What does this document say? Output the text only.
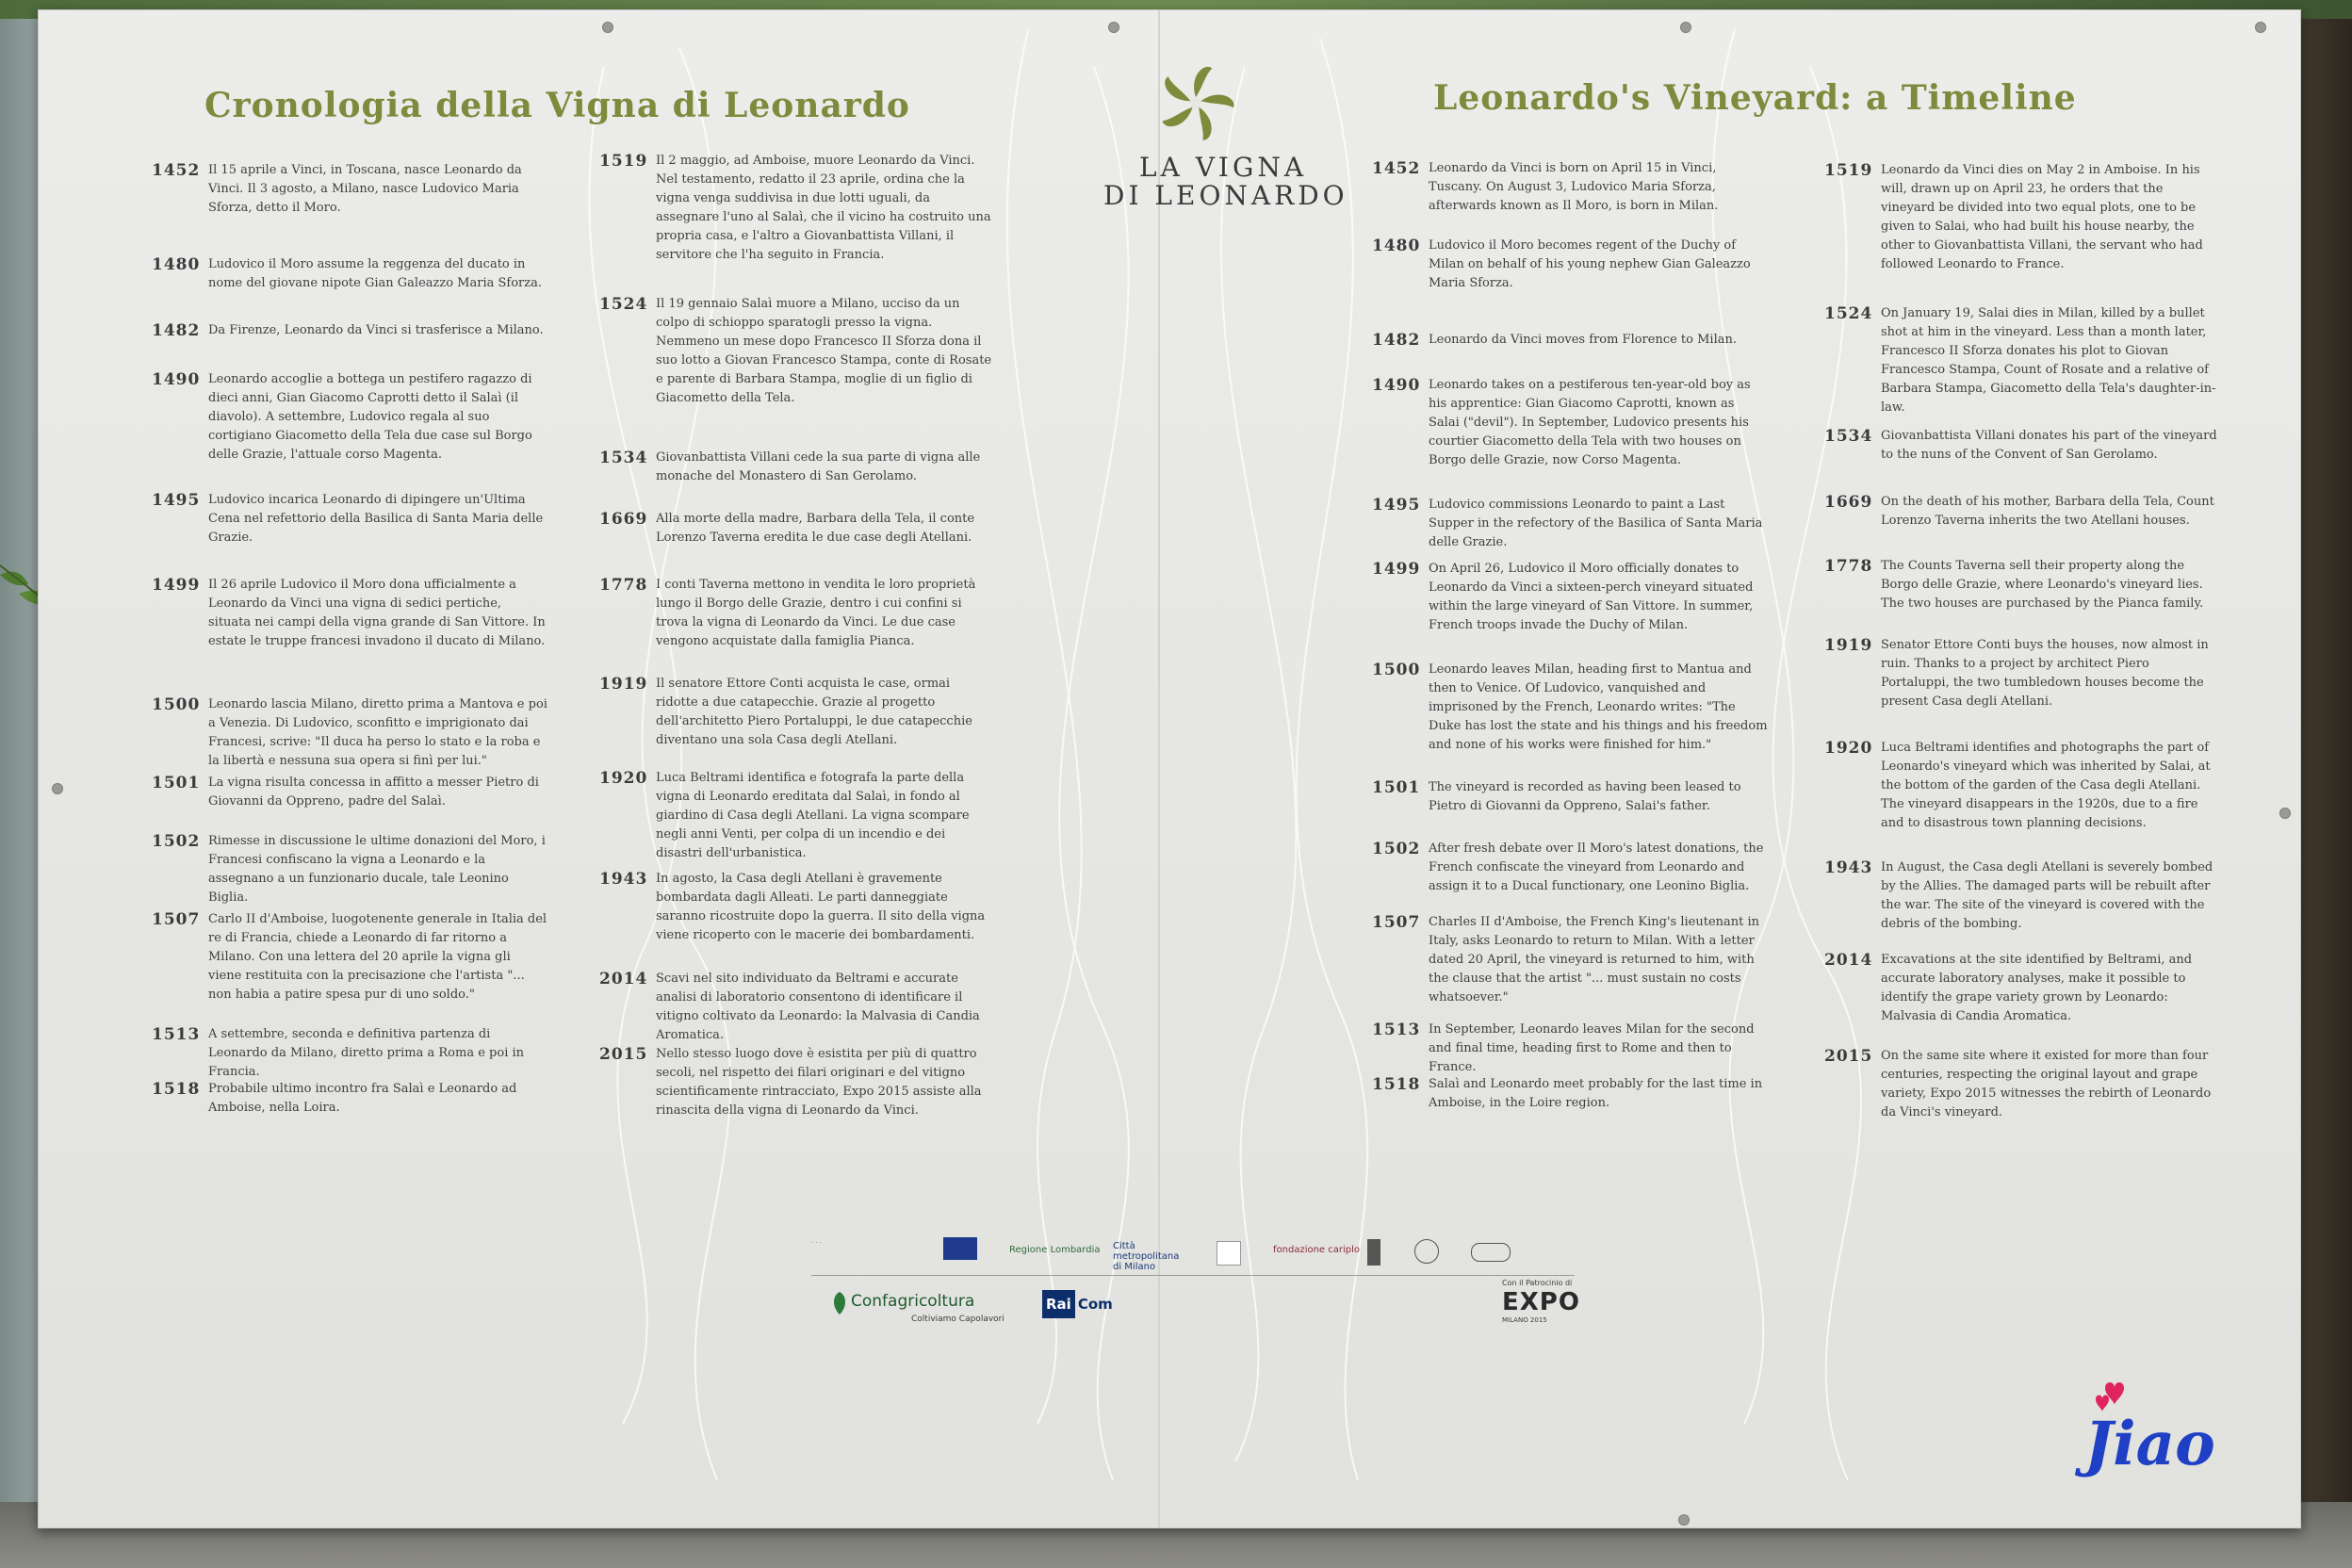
Cronologia della Vigna di Leonardo	Leonardo's Vineyard: a Timeline
LA VIGNA
DI LEONARDO
1452 Il 15 aprile a Vinci, in Toscana, nasce Leonardo da Vinci. Il 3 agosto, a Milano, nasce Ludovico Maria Sforza, detto il Moro.
1480 Ludovico il Moro assume la reggenza del ducato in nome del giovane nipote Gian Galeazzo Maria Sforza.
1482 Da Firenze, Leonardo da Vinci si trasferisce a Milano.
1490 Leonardo accoglie a bottega un pestifero ragazzo di dieci anni, Gian Giacomo Caprotti detto il Salaì (il diavolo). A settembre, Ludovico regala al suo cortigiano Giacometto della Tela due case sul Borgo delle Grazie, l'attuale corso Magenta.
1495 Ludovico incarica Leonardo di dipingere un'Ultima Cena nel refettorio della Basilica di Santa Maria delle Grazie.
1499 Il 26 aprile Ludovico il Moro dona ufficialmente a Leonardo da Vinci una vigna di sedici pertiche, situata nei campi della vigna grande di San Vittore. In estate le truppe francesi invadono il ducato di Milano.
1500 Leonardo lascia Milano, diretto prima a Mantova e poi a Venezia. Di Ludovico, sconfitto e imprigionato dai Francesi, scrive: "Il duca ha perso lo stato e la roba e la libertà e nessuna sua opera si finì per lui."
1501 La vigna risulta concessa in affitto a messer Pietro di Giovanni da Oppreno, padre del Salaì.
1502 Rimesse in discussione le ultime donazioni del Moro, i Francesi confiscano la vigna a Leonardo e la assegnano a un funzionario ducale, tale Leonino Biglia.
1507 Carlo II d'Amboise, luogotenente generale in Italia del re di Francia, chiede a Leonardo di far ritorno a Milano. Con una lettera del 20 aprile la vigna gli viene restituita con la precisazione che l'artista "... non habia a patire spesa pur di uno soldo."
1513 A settembre, seconda e definitiva partenza di Leonardo da Milano, diretto prima a Roma e poi in Francia.
1518 Probabile ultimo incontro fra Salaì e Leonardo ad Amboise, nella Loira.
1519 Il 2 maggio, ad Amboise, muore Leonardo da Vinci. Nel testamento, redatto il 23 aprile, ordina che la vigna venga suddivisa in due lotti uguali, da assegnare l'uno al Salaì, che il vicino ha costruito una propria casa, e l'altro a Giovanbattista Villani, il servitore che l'ha seguito in Francia.
1524 Il 19 gennaio Salaì muore a Milano, ucciso da un colpo di schioppo sparatogli presso la vigna. Nemmeno un mese dopo Francesco II Sforza dona il suo lotto a Giovan Francesco Stampa, conte di Rosate e parente di Barbara Stampa, moglie di un figlio di Giacometto della Tela.
1534 Giovanbattista Villani cede la sua parte di vigna alle monache del Monastero di San Gerolamo.
1669 Alla morte della madre, Barbara della Tela, il conte Lorenzo Taverna eredita le due case degli Atellani.
1778 I conti Taverna mettono in vendita le loro proprietà lungo il Borgo delle Grazie, dentro i cui confini si trova la vigna di Leonardo da Vinci. Le due case vengono acquistate dalla famiglia Pianca.
1919 Il senatore Ettore Conti acquista le case, ormai ridotte a due catapecchie. Grazie al progetto dell'architetto Piero Portaluppi, le due catapecchie diventano una sola Casa degli Atellani.
1920 Luca Beltrami identifica e fotografa la parte della vigna di Leonardo ereditata dal Salaì, in fondo al giardino di Casa degli Atellani. La vigna scompare negli anni Venti, per colpa di un incendio e dei disastri dell'urbanistica.
1943 In agosto, la Casa degli Atellani è gravemente bombardata dagli Alleati. Le parti danneggiate saranno ricostruite dopo la guerra. Il sito della vigna viene ricoperto con le macerie dei bombardamenti.
2014 Scavi nel sito individuato da Beltrami e accurate analisi di laboratorio consentono di identificare il vitigno coltivato da Leonardo: la Malvasia di Candia Aromatica.
2015 Nello stesso luogo dove è esistita per più di quattro secoli, nel rispetto dei filari originari e del vitigno scientificamente rintracciato, Expo 2015 assiste alla rinascita della vigna di Leonardo da Vinci.
1452 Leonardo da Vinci is born on April 15 in Vinci, Tuscany. On August 3, Ludovico Maria Sforza, afterwards known as Il Moro, is born in Milan.
1480 Ludovico il Moro becomes regent of the Duchy of Milan on behalf of his young nephew Gian Galeazzo Maria Sforza.
1482 Leonardo da Vinci moves from Florence to Milan.
1490 Leonardo takes on a pestiferous ten-year-old boy as his apprentice: Gian Giacomo Caprotti, known as Salai ("devil"). In September, Ludovico presents his courtier Giacometto della Tela with two houses on Borgo delle Grazie, now Corso Magenta.
1495 Ludovico commissions Leonardo to paint a Last Supper in the refectory of the Basilica of Santa Maria delle Grazie.
1499 On April 26, Ludovico il Moro officially donates to Leonardo da Vinci a sixteen-perch vineyard situated within the large vineyard of San Vittore. In summer, French troops invade the Duchy of Milan.
1500 Leonardo leaves Milan, heading first to Mantua and then to Venice. Of Ludovico, vanquished and imprisoned by the French, Leonardo writes: "The Duke has lost the state and his things and his freedom and none of his works were finished for him."
1501 The vineyard is recorded as having been leased to Pietro di Giovanni da Oppreno, Salai's father.
1502 After fresh debate over Il Moro's latest donations, the French confiscate the vineyard from Leonardo and assign it to a Ducal functionary, one Leonino Biglia.
1507 Charles II d'Amboise, the French King's lieutenant in Italy, asks Leonardo to return to Milan. With a letter dated 20 April, the vineyard is returned to him, with the clause that the artist "... must sustain no costs whatsoever."
1513 In September, Leonardo leaves Milan for the second and final time, heading first to Rome and then to France.
1518 Salaì and Leonardo meet probably for the last time in Amboise, in the Loire region.
1519 Leonardo da Vinci dies on May 2 in Amboise. In his will, drawn up on April 23, he orders that the vineyard be divided into two equal plots, one to be given to Salai, who had built his house nearby, the other to Giovanbattista Villani, the servant who had followed Leonardo to France.
1524 On January 19, Salai dies in Milan, killed by a bullet shot at him in the vineyard. Less than a month later, Francesco II Sforza donates his plot to Giovan Francesco Stampa, Count of Rosate and a relative of Barbara Stampa, Giacometto della Tela's daughter-in-law.
1534 Giovanbattista Villani donates his part of the vineyard to the nuns of the Convent of San Gerolamo.
1669 On the death of his mother, Barbara della Tela, Count Lorenzo Taverna inherits the two Atellani houses.
1778 The Counts Taverna sell their property along the Borgo delle Grazie, where Leonardo's vineyard lies. The two houses are purchased by the Pianca family.
1919 Senator Ettore Conti buys the houses, now almost in ruin. Thanks to a project by architect Piero Portaluppi, the two tumbledown houses become the present Casa degli Atellani.
1920 Luca Beltrami identifies and photographs the part of Leonardo's vineyard which was inherited by Salai, at the bottom of the garden of the Casa degli Atellani. The vineyard disappears in the 1920s, due to a fire and to disastrous town planning decisions.
1943 In August, the Casa degli Atellani is severely bombed by the Allies. The damaged parts will be rebuilt after the war. The site of the vineyard is covered with the debris of the bombing.
2014 Excavations at the site identified by Beltrami, and accurate laboratory analyses, make it possible to identify the grape variety grown by Leonardo: Malvasia di Candia Aromatica.
2015 On the same site where it existed for more than four centuries, respecting the original layout and grape variety, Expo 2015 witnesses the rebirth of Leonardo da Vinci's vineyard.
· · ·
Regione Lombardia Città metropolitana di Milano
fondazione cariplo
Confagricoltura
Coltiviamo Capolavori
Rai Com
Con il Patrocinio di
EXPO
MILANO 2015
Jiao
